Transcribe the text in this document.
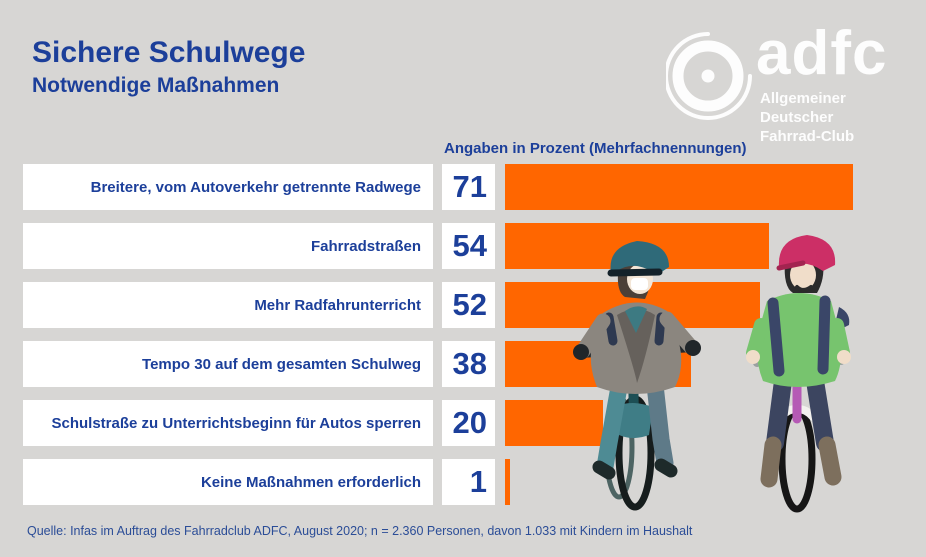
Sichere Schulwege
Notwendige Maßnahmen	adfc
Allgemeiner Deutscher
Fahrrad-Club
Angaben in Prozent (Mehrfachnennungen)
Breitere, vom Autoverkehr getrennte Radwege	71
Fahrradstraßen	54
Mehr Radfahrunterricht	52
Tempo 30 auf dem gesamten Schulweg	38
Schulstraße zu Unterrichtsbeginn für Autos sperren	20
Keine Maßnahmen erforderlich	1
Quelle: Infas im Auftrag des Fahrradclub ADFC, August 2020; n = 2.360 Personen, davon 1.033 mit Kindern im Haushalt
